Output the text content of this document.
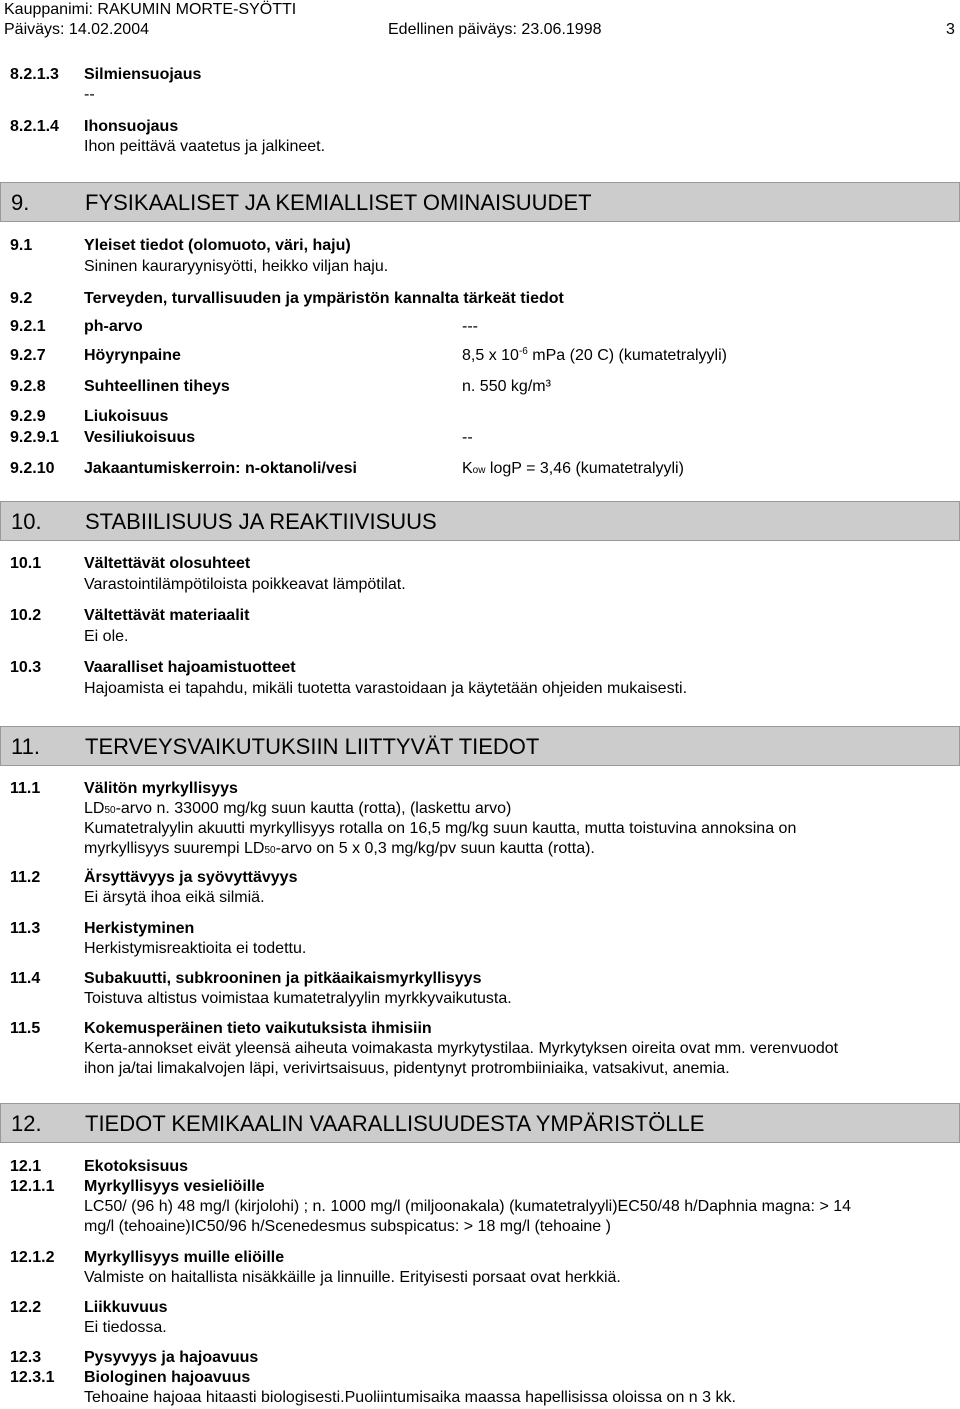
Kauppanimi: RAKUMIN MORTE-SYÖTTI
Päiväys: 14.02.2004	Edellinen päiväys: 23.06.1998	3
8.2.1.3 Silmiensuojaus
--
8.2.1.4 Ihonsuojaus
Ihon peittävä vaatetus ja jalkineet.
9.	FYSIKAALISET JA KEMIALLISET OMINAISUUDET
9.1	Yleiset tiedot (olomuoto, väri, haju)
Sininen kauraryynisyötti, heikko viljan haju.
9.2	Terveyden, turvallisuuden ja ympäristön kannalta tärkeät tiedot
9.2.1 ph-arvo	---
9.2.7 Höyrynpaine	8,5 x $10^{-6}$ mPa (20 C) (kumatetralyyli)
9.2.8 Suhteellinen tiheys	n. 550 kg/m³
9.2.9 Liukoisuus
9.2.9.1 Vesiliukoisuus	--
9.2.10 Jakaantumiskerroin: n-oktanoli/vesi	Kow logP = 3,46 (kumatetralyyli)
10. STABIILISUUS JA REAKTIIVISUUS
10.1	Vältettävät olosuhteet
Varastointilämpötiloista poikkeavat lämpötilat.
10.2	Vältettävät materiaalit
Ei ole.
10.3	Vaaralliset hajoamistuotteet
Hajoamista ei tapahdu, mikäli tuotetta varastoidaan ja käytetään ohjeiden mukaisesti.
11. TERVEYSVAIKUTUKSIIN LIITTYVÄT TIEDOT
11.1	Välitön myrkyllisyys
LD50-arvo n. 33000 mg/kg suun kautta (rotta), (laskettu arvo)
Kumatetralyylin akuutti myrkyllisyys rotalla on 16,5 mg/kg suun kautta, mutta toistuvina annoksina on
myrkyllisyys suurempi LD50-arvo on 5 x 0,3 mg/kg/pv suun kautta (rotta).
11.2	Ärsyttävyys ja syövyttävyys
Ei ärsytä ihoa eikä silmiä.
11.3	Herkistyminen
Herkistymisreaktioita ei todettu.
11.4	Subakuutti, subkrooninen ja pitkäaikaismyrkyllisyys
Toistuva altistus voimistaa kumatetralyylin myrkkyvaikutusta.
11.5	Kokemusperäinen tieto vaikutuksista ihmisiin
Kerta-annokset eivät yleensä aiheuta voimakasta myrkytystilaa. Myrkytyksen oireita ovat mm. verenvuodot
ihon ja/tai limakalvojen läpi, verivirtsaisuus, pidentynyt protrombiiniaika, vatsakivut, anemia.
12. TIEDOT KEMIKAALIN VAARALLISUUDESTA YMPÄRISTÖLLE
12.1	Ekotoksisuus
12.1.1 Myrkyllisyys vesieliöille
LC50/ (96 h) 48 mg/l (kirjolohi) ; n. 1000 mg/l (miljoonakala) (kumatetralyyli)EC50/48 h/Daphnia magna: > 14
mg/l (tehoaine)IC50/96 h/Scenedesmus subspicatus: > 18 mg/l (tehoaine )
12.1.2 Myrkyllisyys muille eliöille
Valmiste on haitallista nisäkkäille ja linnuille. Erityisesti porsaat ovat herkkiä.
12.2	Liikkuvuus
Ei tiedossa.
12.3	Pysyvyys ja hajoavuus
12.3.1 Biologinen hajoavuus
Tehoaine hajoaa hitaasti biologisesti.Puoliintumisaika maassa hapellisissa oloissa on n 3 kk.
